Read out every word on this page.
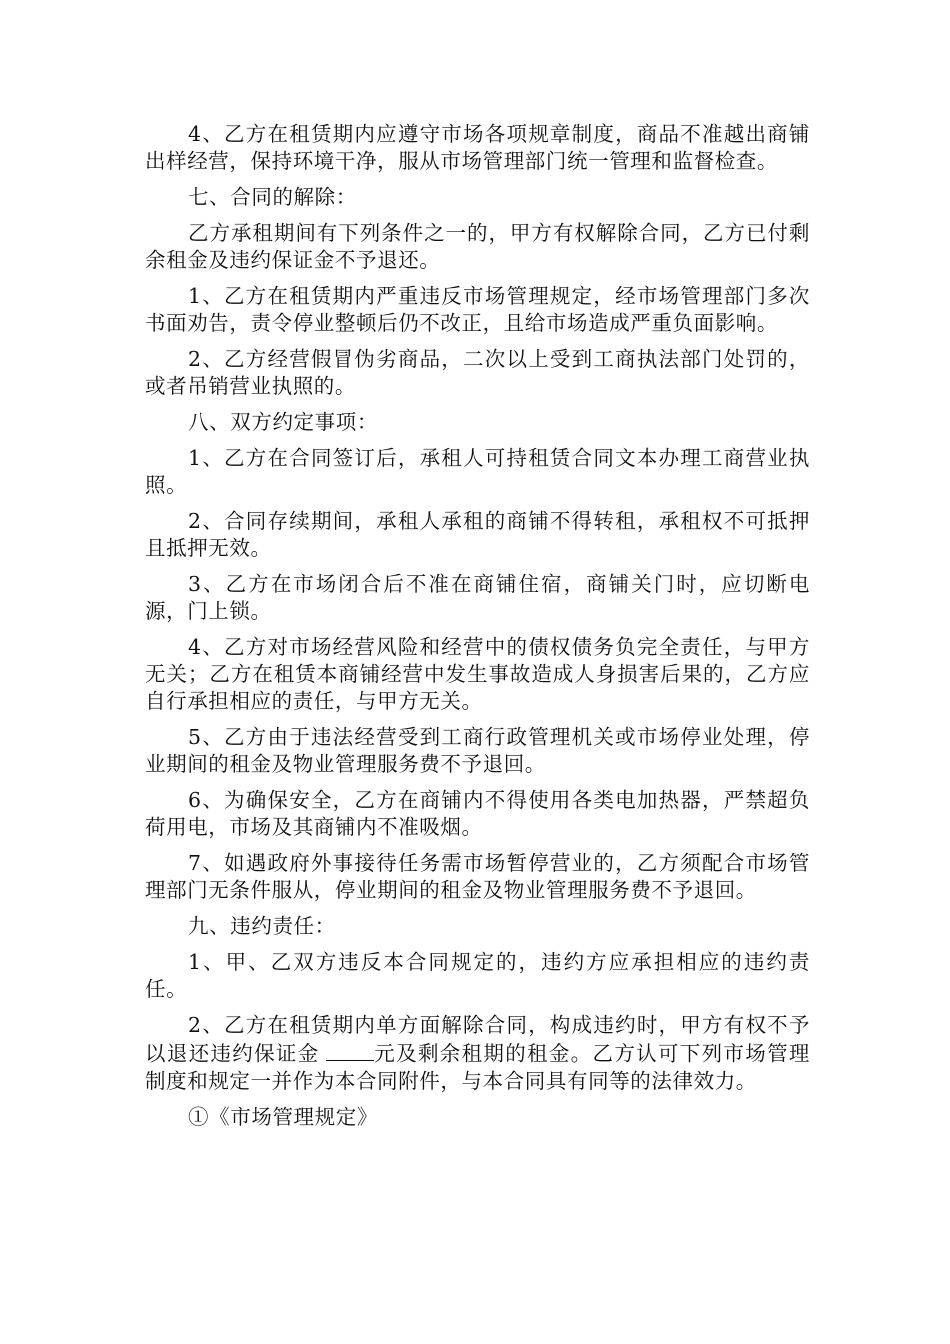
4、乙方在租赁期内应遵守市场各项规章制度，商品不准越出商铺出样经营，保持环境干净，服从市场管理部门统一管理和监督检查。

七、合同的解除：

乙方承租期间有下列条件之一的，甲方有权解除合同，乙方已付剩余租金及违约保证金不予退还。

1、乙方在租赁期内严重违反市场管理规定，经市场管理部门多次书面劝告，责令停业整顿后仍不改正，且给市场造成严重负面影响。

2、乙方经营假冒伪劣商品，二次以上受到工商执法部门处罚的，或者吊销营业执照的。

八、双方约定事项：

1、乙方在合同签订后，承租人可持租赁合同文本办理工商营业执照。

2、合同存续期间，承租人承租的商铺不得转租，承租权不可抵押且抵押无效。

3、乙方在市场闭合后不准在商铺住宿，商铺关门时，应切断电源，门上锁。

4、乙方对市场经营风险和经营中的债权债务负完全责任，与甲方无关；乙方在租赁本商铺经营中发生事故造成人身损害后果的，乙方应自行承担相应的责任，与甲方无关。

5、乙方由于违法经营受到工商行政管理机关或市场停业处理，停业期间的租金及物业管理服务费不予退回。

6、为确保安全，乙方在商铺内不得使用各类电加热器，严禁超负荷用电，市场及其商铺内不准吸烟。

7、如遇政府外事接待任务需市场暂停营业的，乙方须配合市场管理部门无条件服从，停业期间的租金及物业管理服务费不予退回。

九、违约责任：

1、甲、乙双方违反本合同规定的，违约方应承担相应的违约责任。

2、乙方在租赁期内单方面解除合同，构成违约时，甲方有权不予以退还违约保证金	元及剩余租期的租金。乙方认可下列市场管理制度和规定一并作为本合同附件，与本合同具有同等的法律效力。

①《市场管理规定》
